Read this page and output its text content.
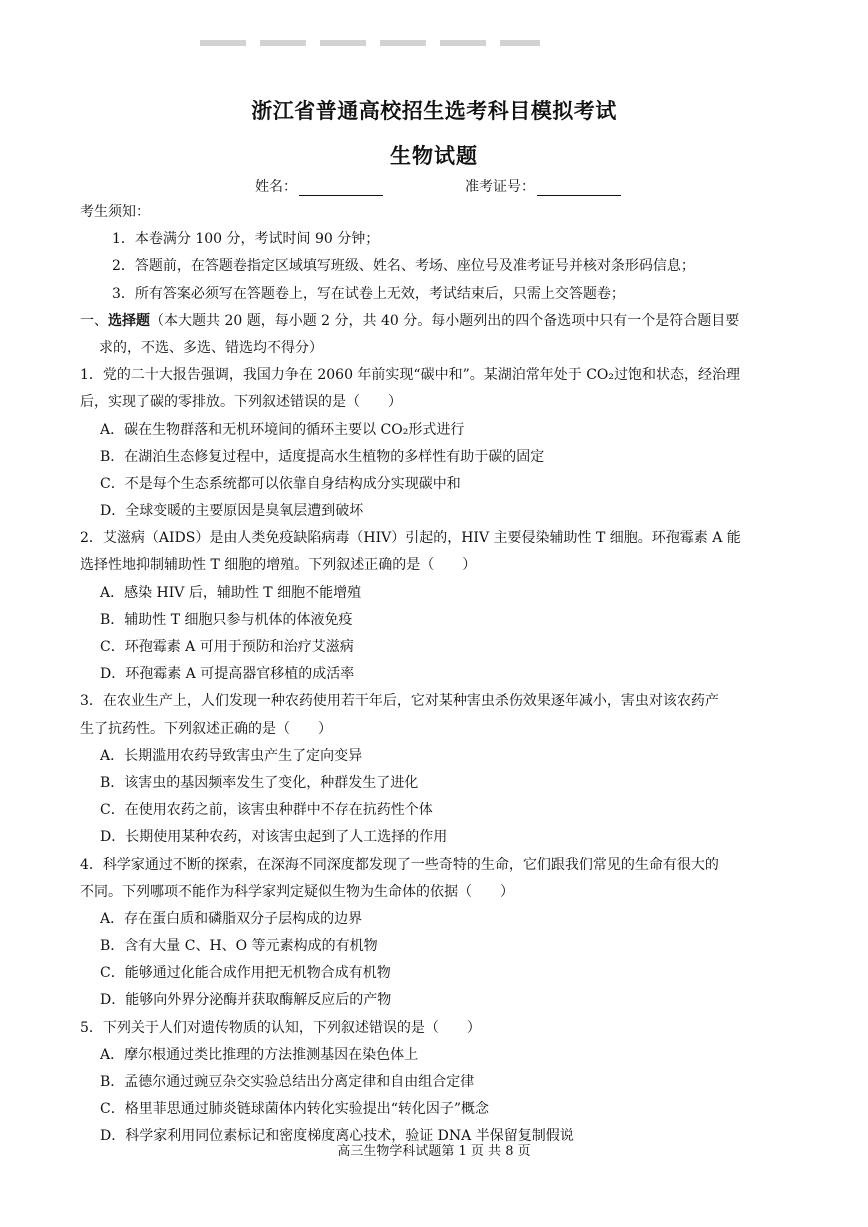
浙江省普通高校招生选考科目模拟考试
生物试题
姓名：	准考证号：
考生须知：
1．本卷满分 100 分，考试时间 90 分钟；
2．答题前，在答题卷指定区域填写班级、姓名、考场、座位号及准考证号并核对条形码信息；
3．所有答案必须写在答题卷上，写在试卷上无效，考试结束后，只需上交答题卷；
一、选择题（本大题共 20 题，每小题 2 分，共 40 分。每小题列出的四个备选项中只有一个是符合题目要
求的，不选、多选、错选均不得分）
1．党的二十大报告强调，我国力争在 2060 年前实现“碳中和”。某湖泊常年处于 CO₂过饱和状态，经治理
后，实现了碳的零排放。下列叙述错误的是（　　）
A．碳在生物群落和无机环境间的循环主要以 CO₂形式进行
B．在湖泊生态修复过程中，适度提高水生植物的多样性有助于碳的固定
C．不是每个生态系统都可以依靠自身结构成分实现碳中和
D．全球变暖的主要原因是臭氧层遭到破坏
2．艾滋病（AIDS）是由人类免疫缺陷病毒（HIV）引起的，HIV 主要侵染辅助性 T 细胞。环孢霉素 A 能
选择性地抑制辅助性 T 细胞的增殖。下列叙述正确的是（　　）
A．感染 HIV 后，辅助性 T 细胞不能增殖
B．辅助性 T 细胞只参与机体的体液免疫
C．环孢霉素 A 可用于预防和治疗艾滋病
D．环孢霉素 A 可提高器官移植的成活率
3．在农业生产上，人们发现一种农药使用若干年后，它对某种害虫杀伤效果逐年减小，害虫对该农药产
生了抗药性。下列叙述正确的是（　　）
A．长期滥用农药导致害虫产生了定向变异
B．该害虫的基因频率发生了变化，种群发生了进化
C．在使用农药之前，该害虫种群中不存在抗药性个体
D．长期使用某种农药，对该害虫起到了人工选择的作用
4．科学家通过不断的探索，在深海不同深度都发现了一些奇特的生命，它们跟我们常见的生命有很大的
不同。下列哪项不能作为科学家判定疑似生物为生命体的依据（　　）
A．存在蛋白质和磷脂双分子层构成的边界
B．含有大量 C、H、O 等元素构成的有机物
C．能够通过化能合成作用把无机物合成有机物
D．能够向外界分泌酶并获取酶解反应后的产物
5．下列关于人们对遗传物质的认知，下列叙述错误的是（　　）
A．摩尔根通过类比推理的方法推测基因在染色体上
B．孟德尔通过豌豆杂交实验总结出分离定律和自由组合定律
C．格里菲思通过肺炎链球菌体内转化实验提出“转化因子”概念
D．科学家利用同位素标记和密度梯度离心技术，验证 DNA 半保留复制假说
高三生物学科试题第 1 页 共 8 页
